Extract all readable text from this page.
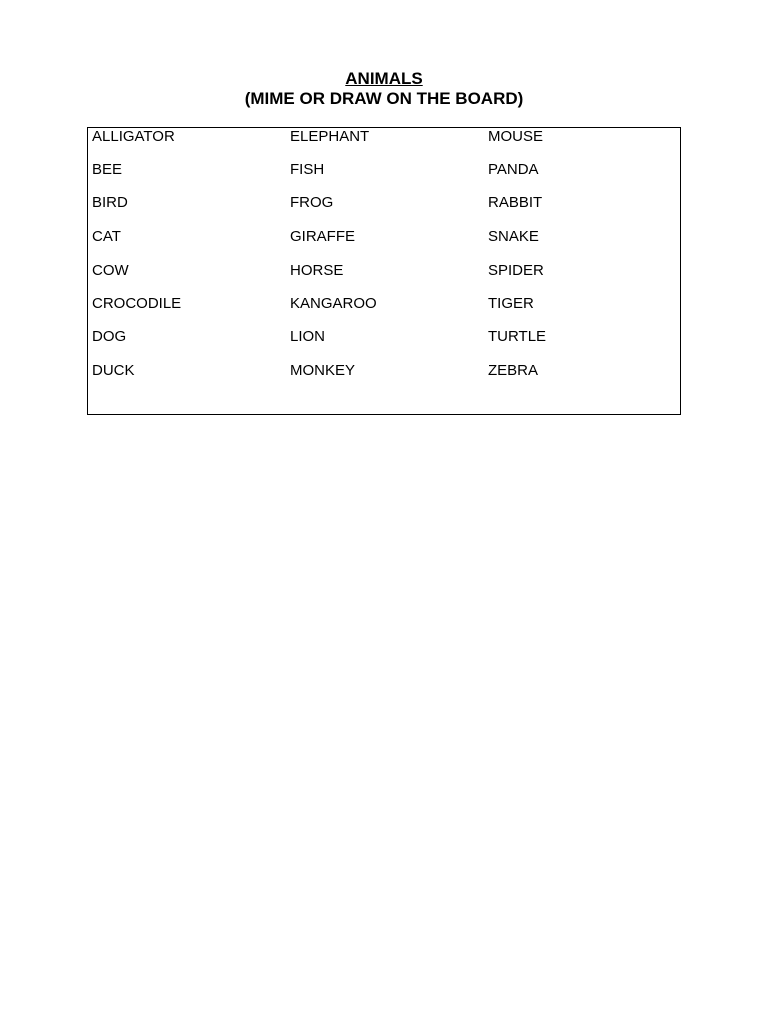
ANIMALS
(MIME OR DRAW ON THE BOARD)
ALLIGATOR
BEE
BIRD
CAT
COW
CROCODILE
DOG
DUCK
ELEPHANT
FISH
FROG
GIRAFFE
HORSE
KANGAROO
LION
MONKEY
MOUSE
PANDA
RABBIT
SNAKE
SPIDER
TIGER
TURTLE
ZEBRA
